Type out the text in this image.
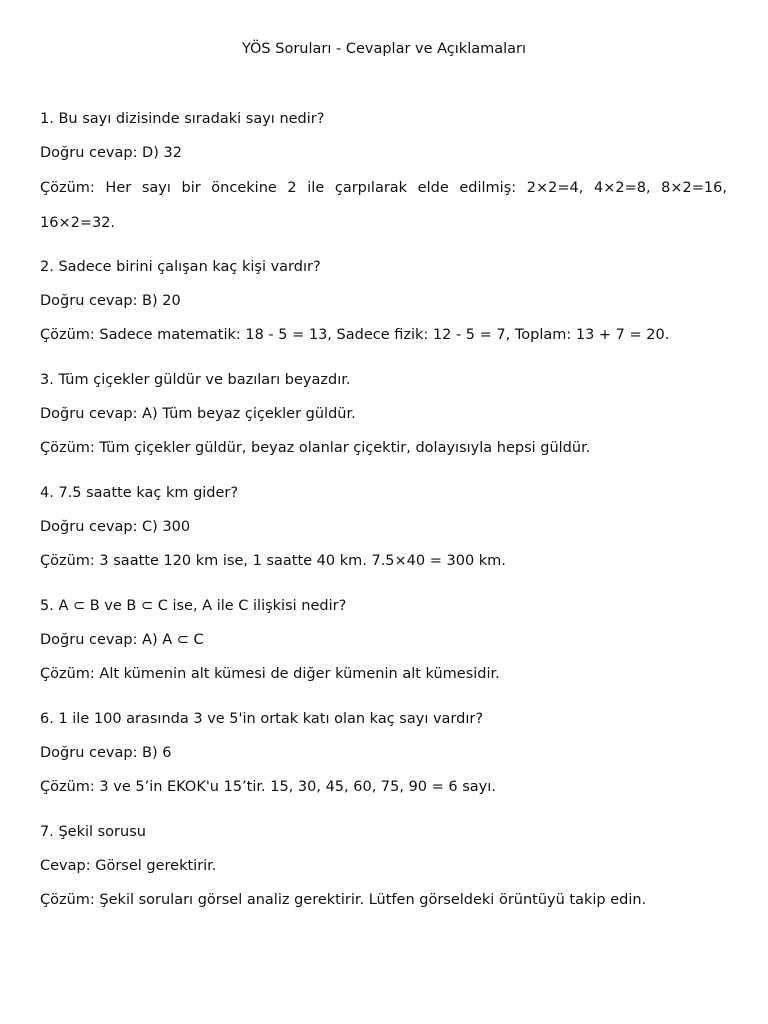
YÖS Soruları - Cevaplar ve Açıklamaları

1. Bu sayı dizisinde sıradaki sayı nedir?

Doğru cevap: D) 32

Çözüm: Her sayı bir öncekine 2 ile çarpılarak elde edilmiş: 2×2=4, 4×2=8, 8×2=16, 16×2=32.

2. Sadece birini çalışan kaç kişi vardır?

Doğru cevap: B) 20

Çözüm: Sadece matematik: 18 - 5 = 13, Sadece fizik: 12 - 5 = 7, Toplam: 13 + 7 = 20.

3. Tüm çiçekler güldür ve bazıları beyazdır.

Doğru cevap: A) Tüm beyaz çiçekler güldür.

Çözüm: Tüm çiçekler güldür, beyaz olanlar çiçektir, dolayısıyla hepsi güldür.

4. 7.5 saatte kaç km gider?

Doğru cevap: C) 300

Çözüm: 3 saatte 120 km ise, 1 saatte 40 km. 7.5×40 = 300 km.

5. A ⊂ B ve B ⊂ C ise, A ile C ilişkisi nedir?

Doğru cevap: A) A ⊂ C

Çözüm: Alt kümenin alt kümesi de diğer kümenin alt kümesidir.

6. 1 ile 100 arasında 3 ve 5'in ortak katı olan kaç sayı vardır?

Doğru cevap: B) 6

Çözüm: 3 ve 5’in EKOK'u 15’tir. 15, 30, 45, 60, 75, 90 = 6 sayı.

7. Şekil sorusu

Cevap: Görsel gerektirir.

Çözüm: Şekil soruları görsel analiz gerektirir. Lütfen görseldeki örüntüyü takip edin.
